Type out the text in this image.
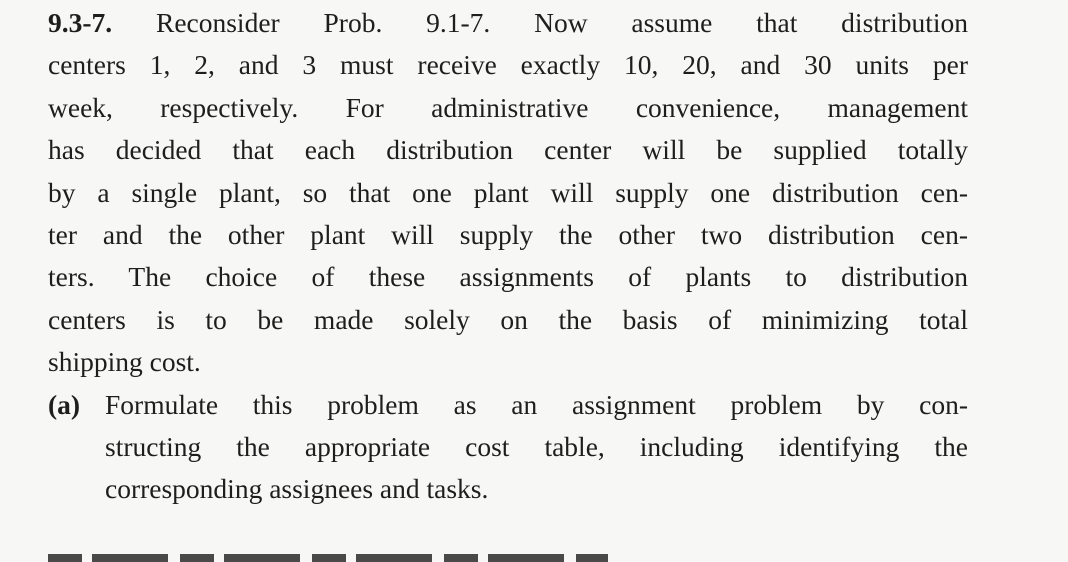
9.3-7. Reconsider Prob. 9.1-7. Now assume that distribution
centers 1, 2, and 3 must receive exactly 10, 20, and 30 units per
week, respectively. For administrative convenience, management
has decided that each distribution center will be supplied totally
by a single plant, so that one plant will supply one distribution cen-
ter and the other plant will supply the other two distribution cen-
ters. The choice of these assignments of plants to distribution
centers is to be made solely on the basis of minimizing total
shipping cost.
(a) Formulate this problem as an assignment problem by con-
structing the appropriate cost table, including identifying the
corresponding assignees and tasks.
